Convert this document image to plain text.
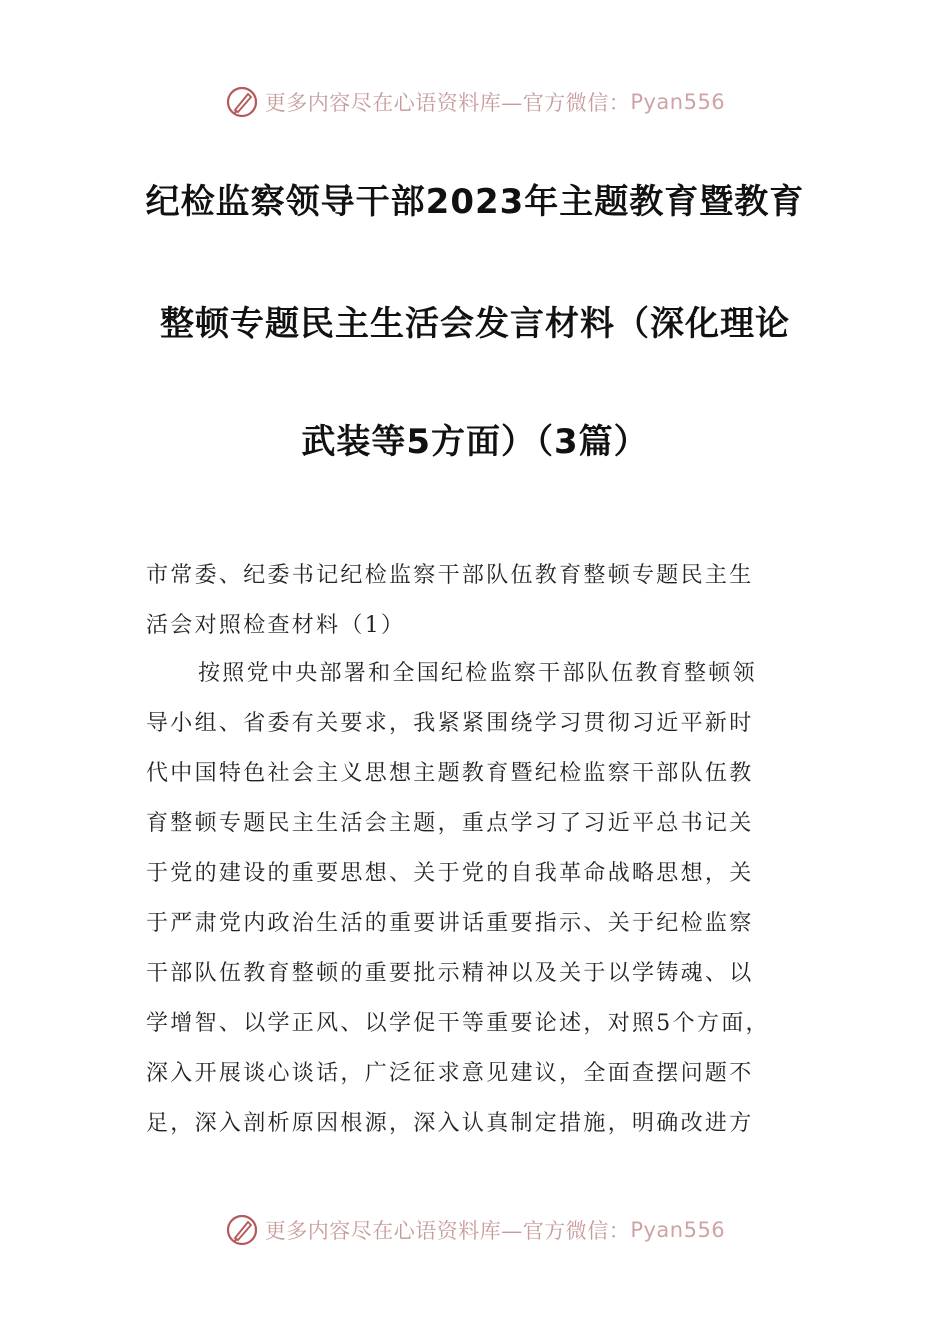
更多内容尽在心语资料库—官方微信： Pyan556
纪检监察领导干部2023年主题教育暨教育
整顿专题民主生活会发言材料（深化理论
武装等5方面）（3篇）
市常委、纪委书记纪检监察干部队伍教育整顿专题民主生
活会对照检查材料（1）
按照党中央部署和全国纪检监察干部队伍教育整顿领
导小组、省委有关要求，我紧紧围绕学习贯彻习近平新时
代中国特色社会主义思想主题教育暨纪检监察干部队伍教
育整顿专题民主生活会主题，重点学习了习近平总书记关
于党的建设的重要思想、关于党的自我革命战略思想，关
于严肃党内政治生活的重要讲话重要指示、关于纪检监察
干部队伍教育整顿的重要批示精神以及关于以学铸魂、以
学增智、以学正风、以学促干等重要论述，对照5个方面，
深入开展谈心谈话，广泛征求意见建议，全面查摆问题不
足，深入剖析原因根源，深入认真制定措施，明确改进方
更多内容尽在心语资料库—官方微信： Pyan556
